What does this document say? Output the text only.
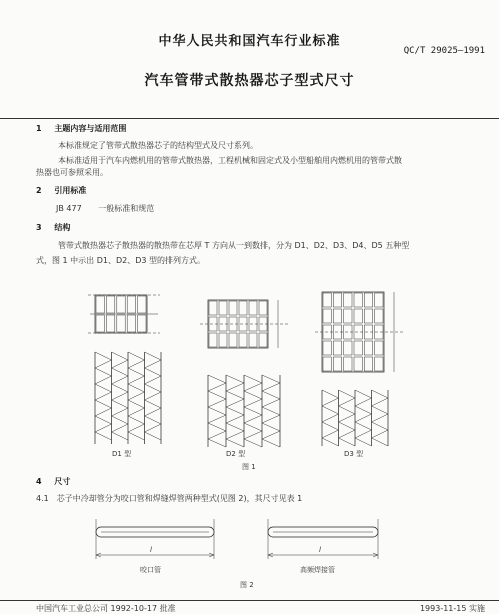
中华人民共和国汽车行业标准
QC/T 29025—1991
汽车管带式散热器芯子型式尺寸
1 主题内容与适用范围
本标准规定了管带式散热器芯子的结构型式及尺寸系列。
本标准适用于汽车内燃机用的管带式散热器，工程机械和固定式及小型船舶用内燃机用的管带式散
热器也可参照采用。
2 引用标准
JB 477 一般标准和规范
3 结构
管带式散热器芯子散热器的散热带在芯厚 T 方向从一到数排，分为 D1、D2、D3、D4、D5 五种型
式，图 1 中示出 D1、D2、D3 型的排列方式。
D1 型	D2 型	D3 型
图 1
4 尺寸
4.1　芯子中冷却管分为咬口管和焊缝焊管两种型式(见图 2)，其尺寸见表 1
l	l
咬口管	高频焊接管
图 2
中国汽车工业总公司 1992-10-17 批准	1993-11-15 实施
